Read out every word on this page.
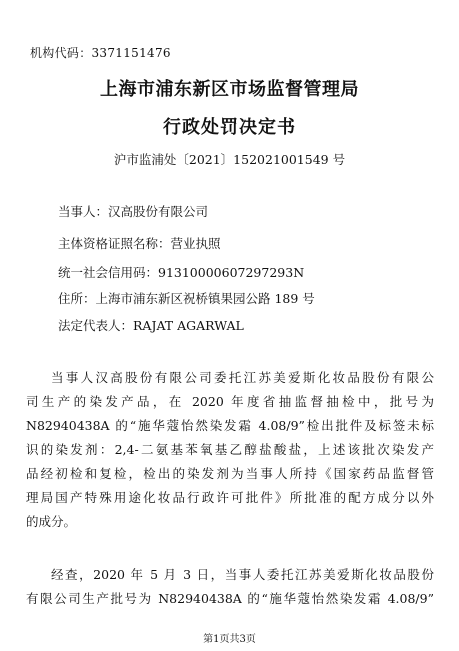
机构代码：3371151476
上海市浦东新区市场监督管理局
行政处罚决定书
沪市监浦处〔2021〕152021001549 号
当事人：汉高股份有限公司
主体资格证照名称：营业执照
统一社会信用码：91310000607297293N
住所：上海市浦东新区祝桥镇果园公路 189 号
法定代表人：RAJAT AGARWAL
当事人汉高股份有限公司委托江苏美爱斯化妆品股份有限公
司生产的染发产品，在 2020 年度省抽监督抽检中，批号为
N82940438A 的“施华蔻怡然染发霜 4.08/9”检出批件及标签未标
识的染发剂：2,4-二氨基苯氧基乙醇盐酸盐，上述该批次染发产
品经初检和复检，检出的染发剂为当事人所持《国家药品监督管
理局国产特殊用途化妆品行政许可批件》所批准的配方成分以外
的成分。
经查，2020 年 5 月 3 日，当事人委托江苏美爱斯化妆品股份
有限公司生产批号为 N82940438A 的“施华蔻怡然染发霜 4.08/9”
第1页共3页
